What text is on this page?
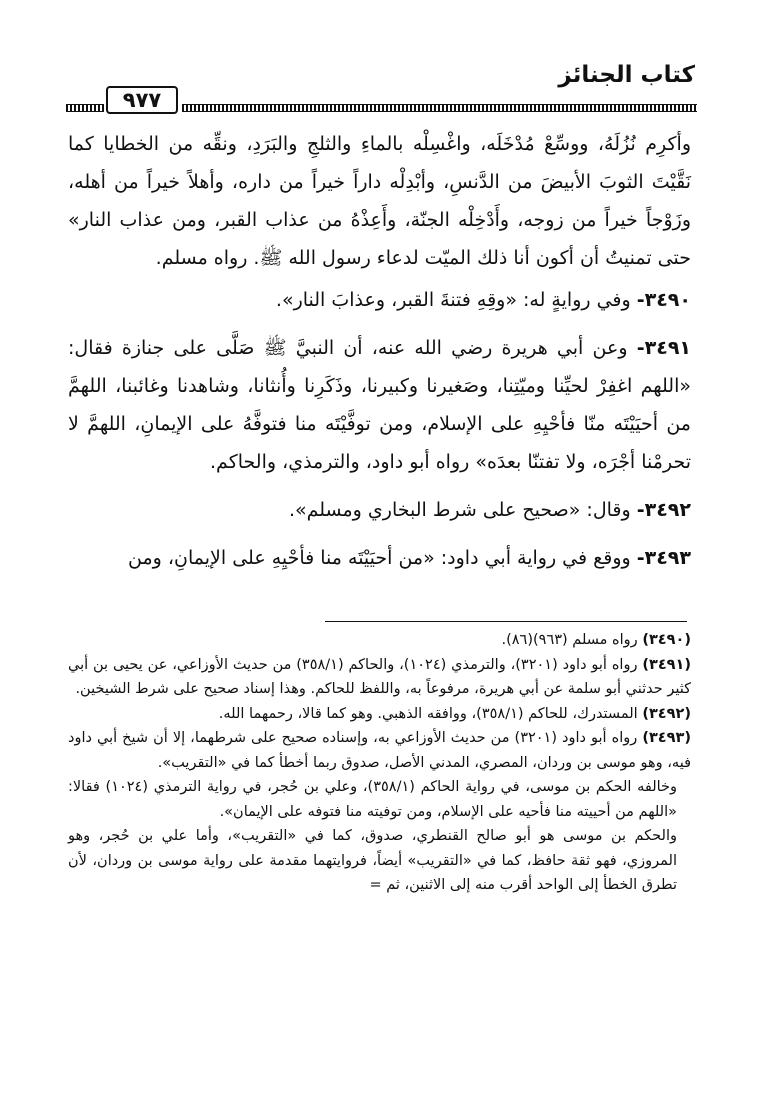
كتاب الجنائز
٩٧٧

وأكرِم نُزُلَهُ، ووسِّعْ مُدْخَلَه، واغْسِلْه بالماءِ والثلجِ والبَرَدِ، ونقِّه من الخطايا كما نَقَّيْتَ الثوبَ الأبيضَ من الدَّنسِ، وأبْدِلْه داراً خيراً من داره، وأهلاً خيراً من أهله، وزَوْجاً خيراً من زوجه، وأَدْخِلْه الجنّة، وأَعِذْهُ من عذاب القبر، ومن عذاب النار» حتى تمنيتُ أن أكون أنا ذلك الميّت لدعاء رسول الله ﷺ. رواه مسلم.

٣٤٩٠- وفي روايةٍ له: «وقِهِ فتنةَ القبر، وعذابَ النار».

٣٤٩١- وعن أبي هريرة رضي الله عنه، أن النبيَّ ﷺ صَلَّى على جنازة فقال: «اللهم اغفِرْ لحيِّنا وميّتِنا، وصَغيرنا وكبيرنا، وذَكَرِنا وأُنثانا، وشاهدنا وغائبنا، اللهمَّ من أحيَيْتَه منّا فأحْيِهِ على الإسلام، ومن توفَّيْتَه منا فتوفَّهُ على الإيمانِ، اللهمَّ لا تحرمْنا أجْرَه، ولا تفتنّا بعدَه» رواه أبو داود، والترمذي، والحاكم.

٣٤٩٢- وقال: «صحيح على شرط البخاري ومسلم».

٣٤٩٣- ووقع في رواية أبي داود: «من أحيَيْتَه منا فأحْيِهِ على الإيمانِ، ومن

(٣٤٩٠) رواه مسلم (٩٦٣)(٨٦).

(٣٤٩١) رواه أبو داود (٣٢٠١)، والترمذي (١٠٢٤)، والحاكم (٣٥٨/١) من حديث الأوزاعي، عن يحيى بن أبي كثير حدثني أبو سلمة عن أبي هريرة، مرفوعاً به، واللفظ للحاكم. وهذا إسناد صحيح على شرط الشيخين.

(٣٤٩٢) المستدرك، للحاكم (٣٥٨/١)، ووافقه الذهبي. وهو كما قالا، رحمهما الله.

(٣٤٩٣) رواه أبو داود (٣٢٠١) من حديث الأوزاعي به، وإسناده صحيح على شرطهما، إلا أن شيخ أبي داود فيه، وهو موسى بن وردان، المصري، المدني الأصل، صدوق ربما أخطأ كما في «التقريب».

وخالفه الحكم بن موسى، في رواية الحاكم (٣٥٨/١)، وعلي بن حُجر، في رواية الترمذي (١٠٢٤) فقالا: «اللهم من أحييته منا فأحيه على الإسلام، ومن توفيته منا فتوفه على الإيمان».

والحكم بن موسى هو أبو صالح القنطري، صدوق، كما في «التقريب»، وأما علي بن حُجر، وهو المروزي، فهو ثقة حافظ، كما في «التقريب» أيضاً، فروايتهما مقدمة على رواية موسى بن وردان، لأن تطرق الخطأ إلى الواحد أقرب منه إلى الاثنين، ثم =
